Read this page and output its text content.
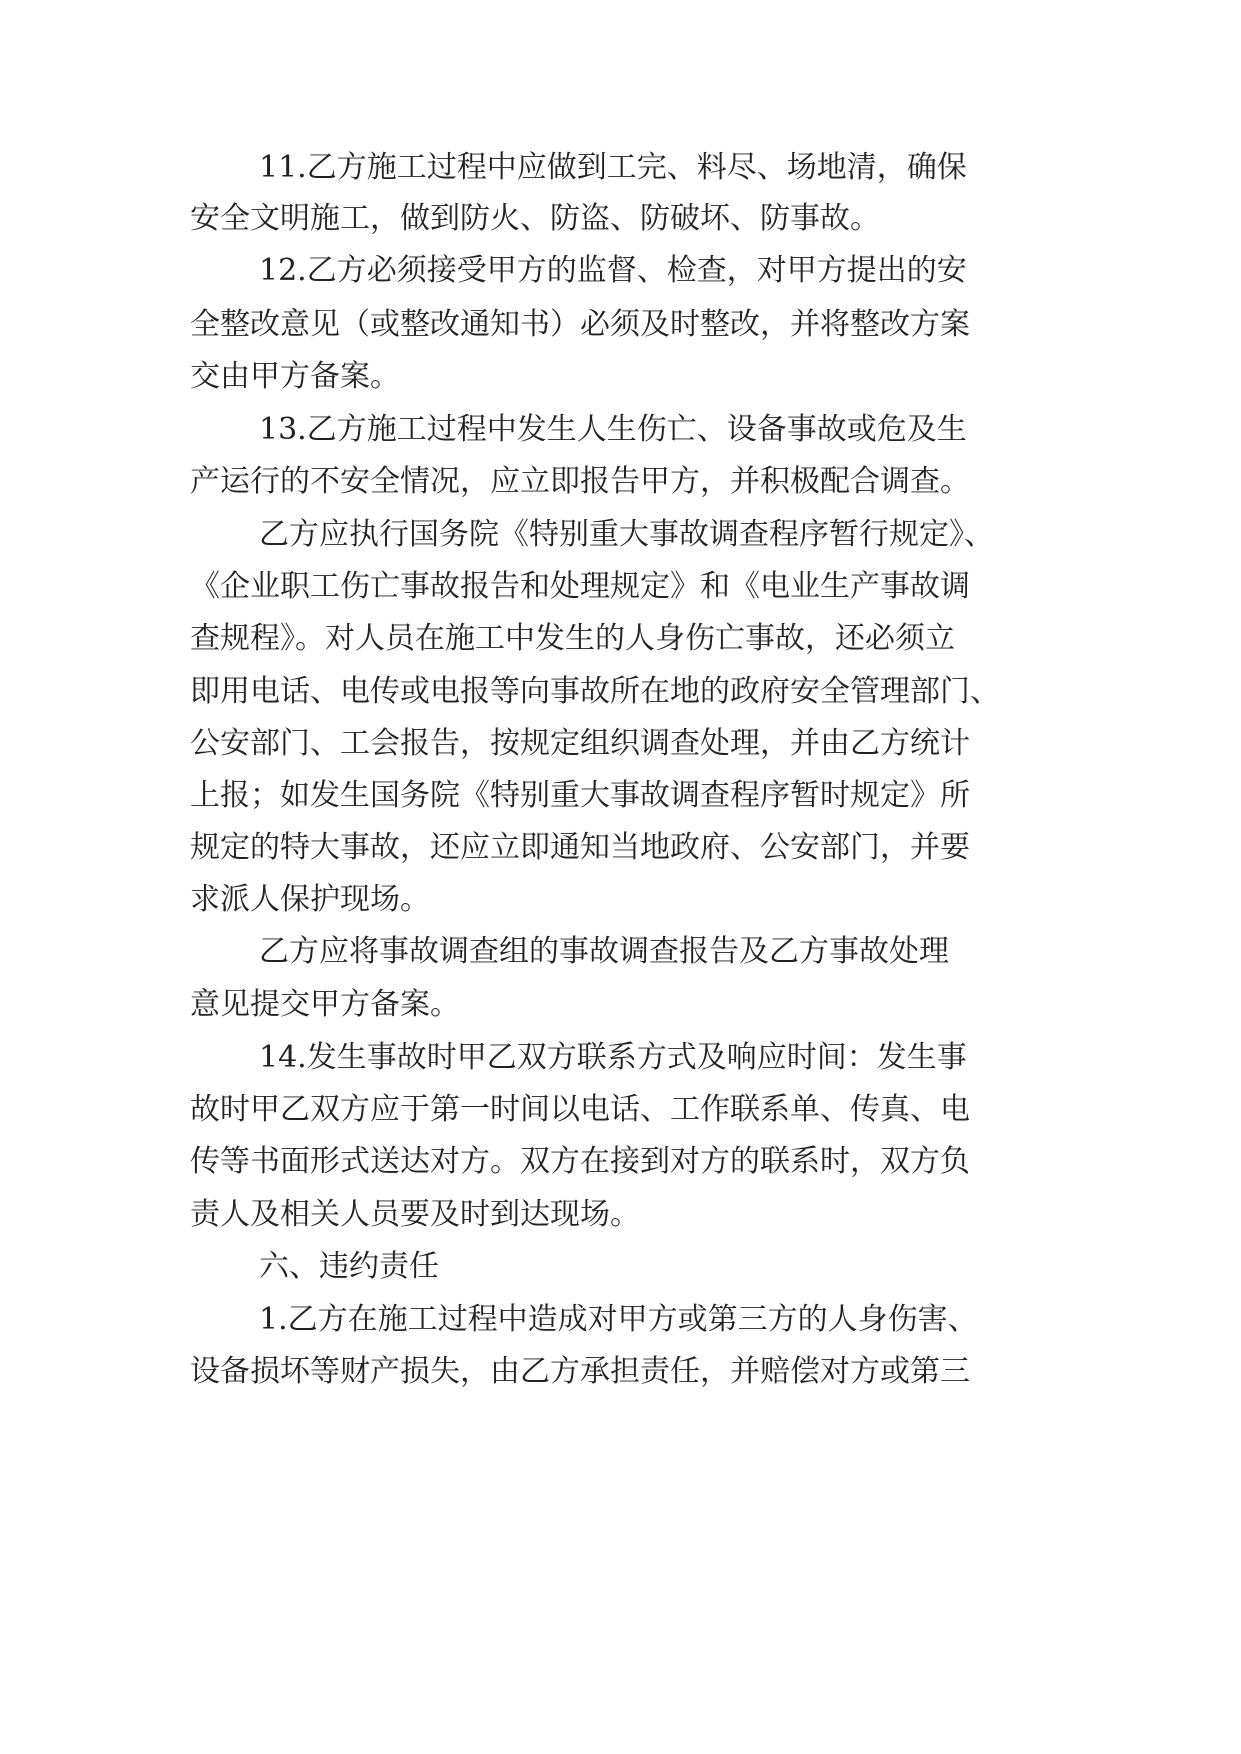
11.乙方施工过程中应做到工完、料尽、场地清，确保
安全文明施工，做到防火、防盗、防破坏、防事故。
12.乙方必须接受甲方的监督、检查，对甲方提出的安
全整改意见（或整改通知书）必须及时整改，并将整改方案
交由甲方备案。
13.乙方施工过程中发生人生伤亡、设备事故或危及生
产运行的不安全情况，应立即报告甲方，并积极配合调查。
乙方应执行国务院《特别重大事故调查程序暂行规定》、
《企业职工伤亡事故报告和处理规定》和《电业生产事故调
查规程》。对人员在施工中发生的人身伤亡事故，还必须立
即用电话、电传或电报等向事故所在地的政府安全管理部门、
公安部门、工会报告，按规定组织调查处理，并由乙方统计
上报；如发生国务院《特别重大事故调查程序暂时规定》所
规定的特大事故，还应立即通知当地政府、公安部门，并要
求派人保护现场。
乙方应将事故调查组的事故调查报告及乙方事故处理
意见提交甲方备案。
14.发生事故时甲乙双方联系方式及响应时间：发生事
故时甲乙双方应于第一时间以电话、工作联系单、传真、电
传等书面形式送达对方。双方在接到对方的联系时，双方负
责人及相关人员要及时到达现场。
六、违约责任
1.乙方在施工过程中造成对甲方或第三方的人身伤害、
设备损坏等财产损失，由乙方承担责任，并赔偿对方或第三
